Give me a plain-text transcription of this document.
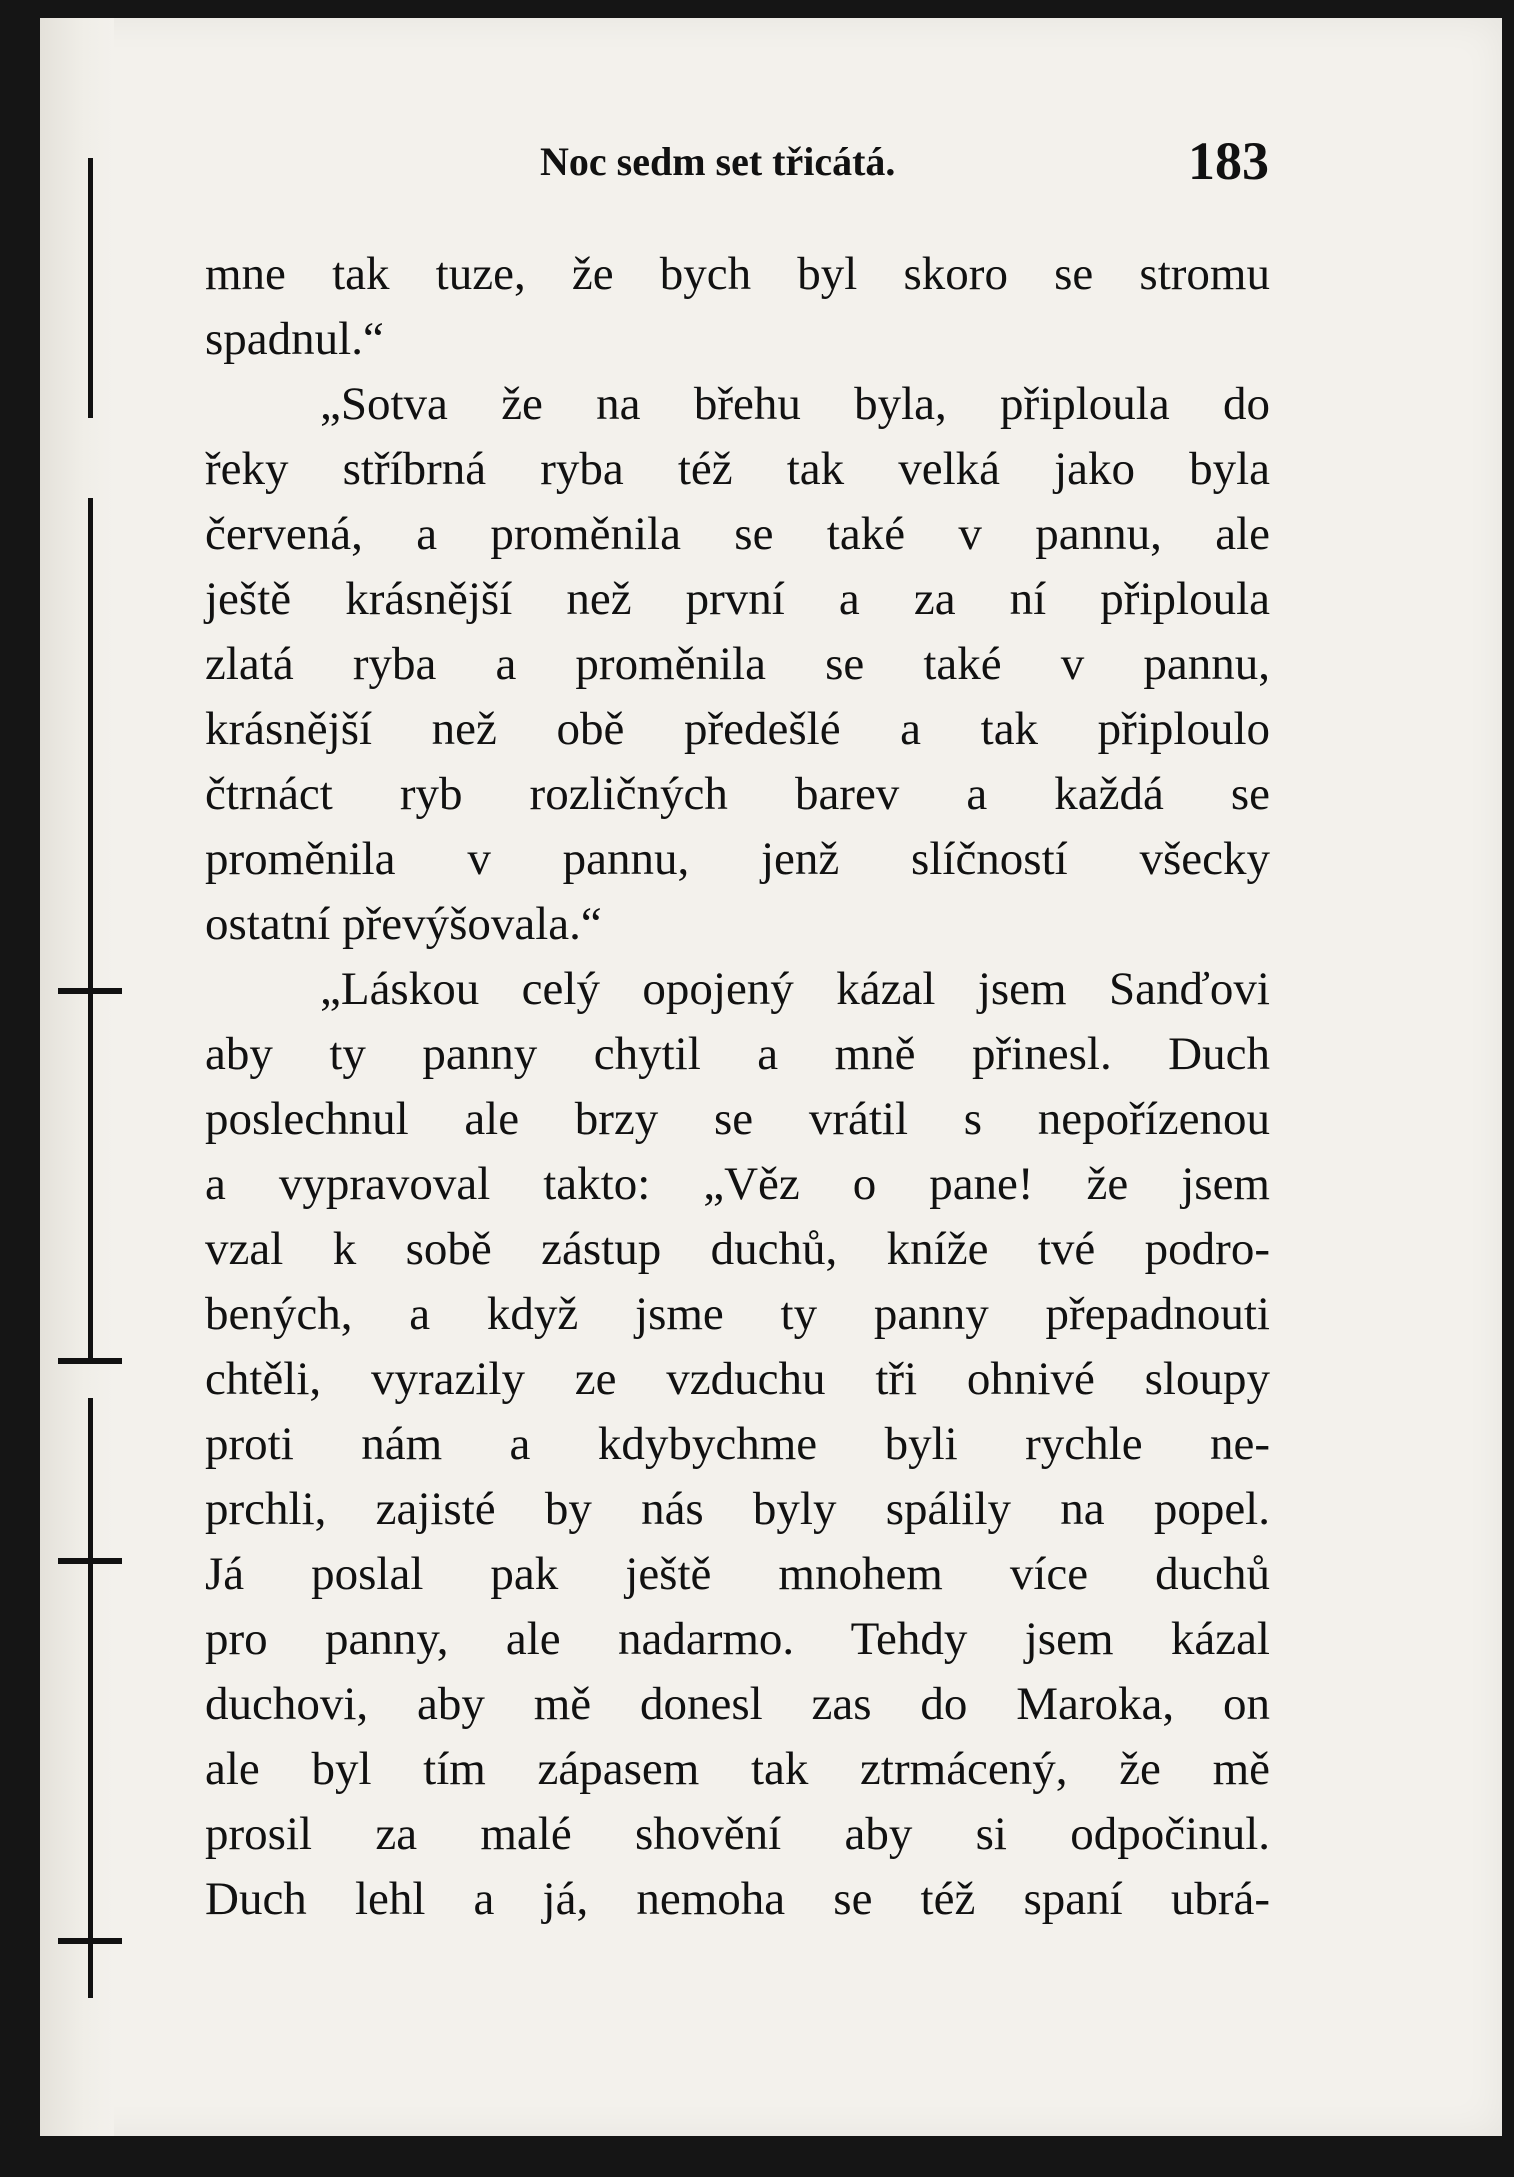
Noc sedm set třicátá.	183
mne tak tuze, že bych byl skoro se stromu
spadnul.“
„Sotva že na břehu byla, připloula do
řeky stříbrná ryba též tak velká jako byla
červená, a proměnila se také v pannu, ale
ještě krásnější než první a za ní připloula
zlatá ryba a proměnila se také v pannu,
krásnější než obě předešlé a tak připloulo
čtrnáct ryb rozličných barev a každá se
proměnila v pannu, jenž slíčností všecky
ostatní převýšovala.“
„Láskou celý opojený kázal jsem Sanďovi
aby ty panny chytil a mně přinesl. Duch
poslechnul ale brzy se vrátil s nepořízenou
a vypravoval takto: „Věz o pane! že jsem
vzal k sobě zástup duchů, kníže tvé podro-
bených, a když jsme ty panny přepadnouti
chtěli, vyrazily ze vzduchu tři ohnivé sloupy
proti nám a kdybychme byli rychle ne-
prchli, zajisté by nás byly spálily na popel.
Já poslal pak ještě mnohem více duchů
pro panny, ale nadarmo. Tehdy jsem kázal
duchovi, aby mě donesl zas do Maroka, on
ale byl tím zápasem tak ztrmácený, že mě
prosil za malé shovění aby si odpočinul.
Duch lehl a já, nemoha se též spaní ubrá-
